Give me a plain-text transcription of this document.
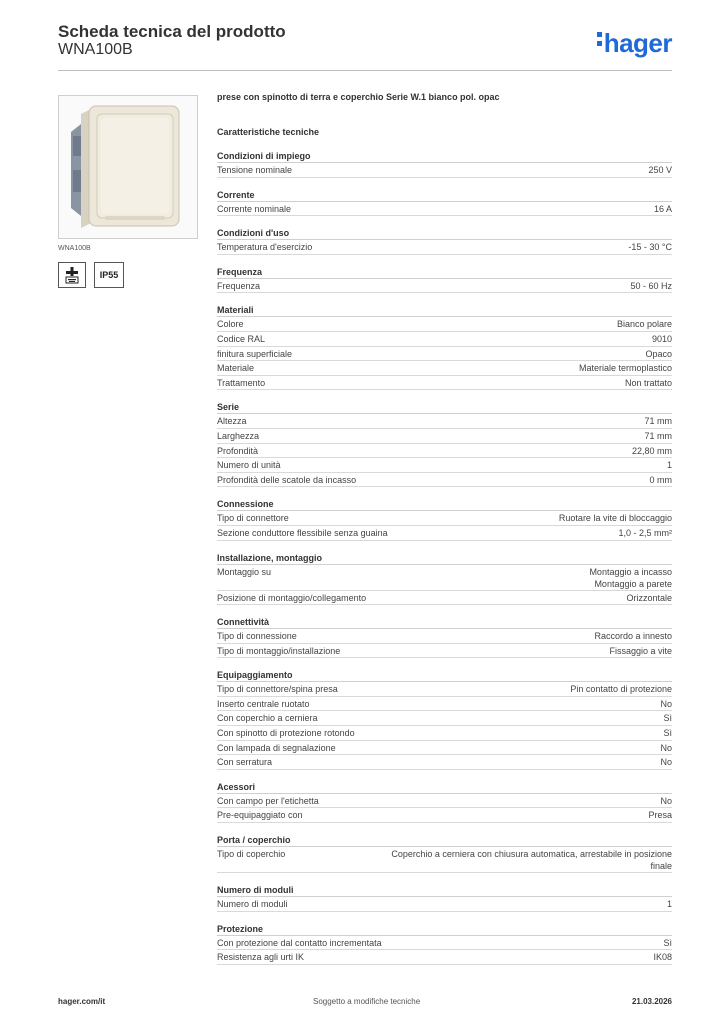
Scheda tecnica del prodotto
WNA100B	hager
WNA100B
IP55
prese con spinotto di terra e coperchio Serie W.1 bianco pol. opac
Caratteristiche tecniche
Condizioni di impiego
Tensione nominale	250 V
Corrente
Corrente nominale	16 A
Condizioni d'uso
Temperatura d'esercizio	-15 - 30 °C
Frequenza
Frequenza	50 - 60 Hz
Materiali
Colore	Bianco polare
Codice RAL	9010
finitura superficiale	Opaco
Materiale	Materiale termoplastico
Trattamento	Non trattato
Serie
Altezza	71 mm
Larghezza	71 mm
Profondità	22,80 mm
Numero di unità	1
Profondità delle scatole da incasso	0 mm
Connessione
Tipo di connettore	Ruotare la vite di bloccaggio
Sezione conduttore flessibile senza guaina	1,0 - 2,5 mm²
Installazione, montaggio
Montaggio su	Montaggio a incasso
Montaggio a parete
Posizione di montaggio/collegamento	Orizzontale
Connettività
Tipo di connessione	Raccordo a innesto
Tipo di montaggio/installazione	Fissaggio a vite
Equipaggiamento
Tipo di connettore/spina presa	Pin contatto di protezione
Inserto centrale ruotato	No
Con coperchio a cerniera	Sì
Con spinotto di protezione rotondo	Sì
Con lampada di segnalazione	No
Con serratura	No
Acessori
Con campo per l'etichetta	No
Pre-equipaggiato con	Presa
Porta / coperchio
Tipo di coperchio	Coperchio a cerniera con chiusura automatica, arrestabile in posizione finale
Numero di moduli
Numero di moduli	1
Protezione
Con protezione dal contatto incrementata	Sì
Resistenza agli urti IK	IK08
hager.com/it	Soggetto a modifiche tecniche	21.03.2026
